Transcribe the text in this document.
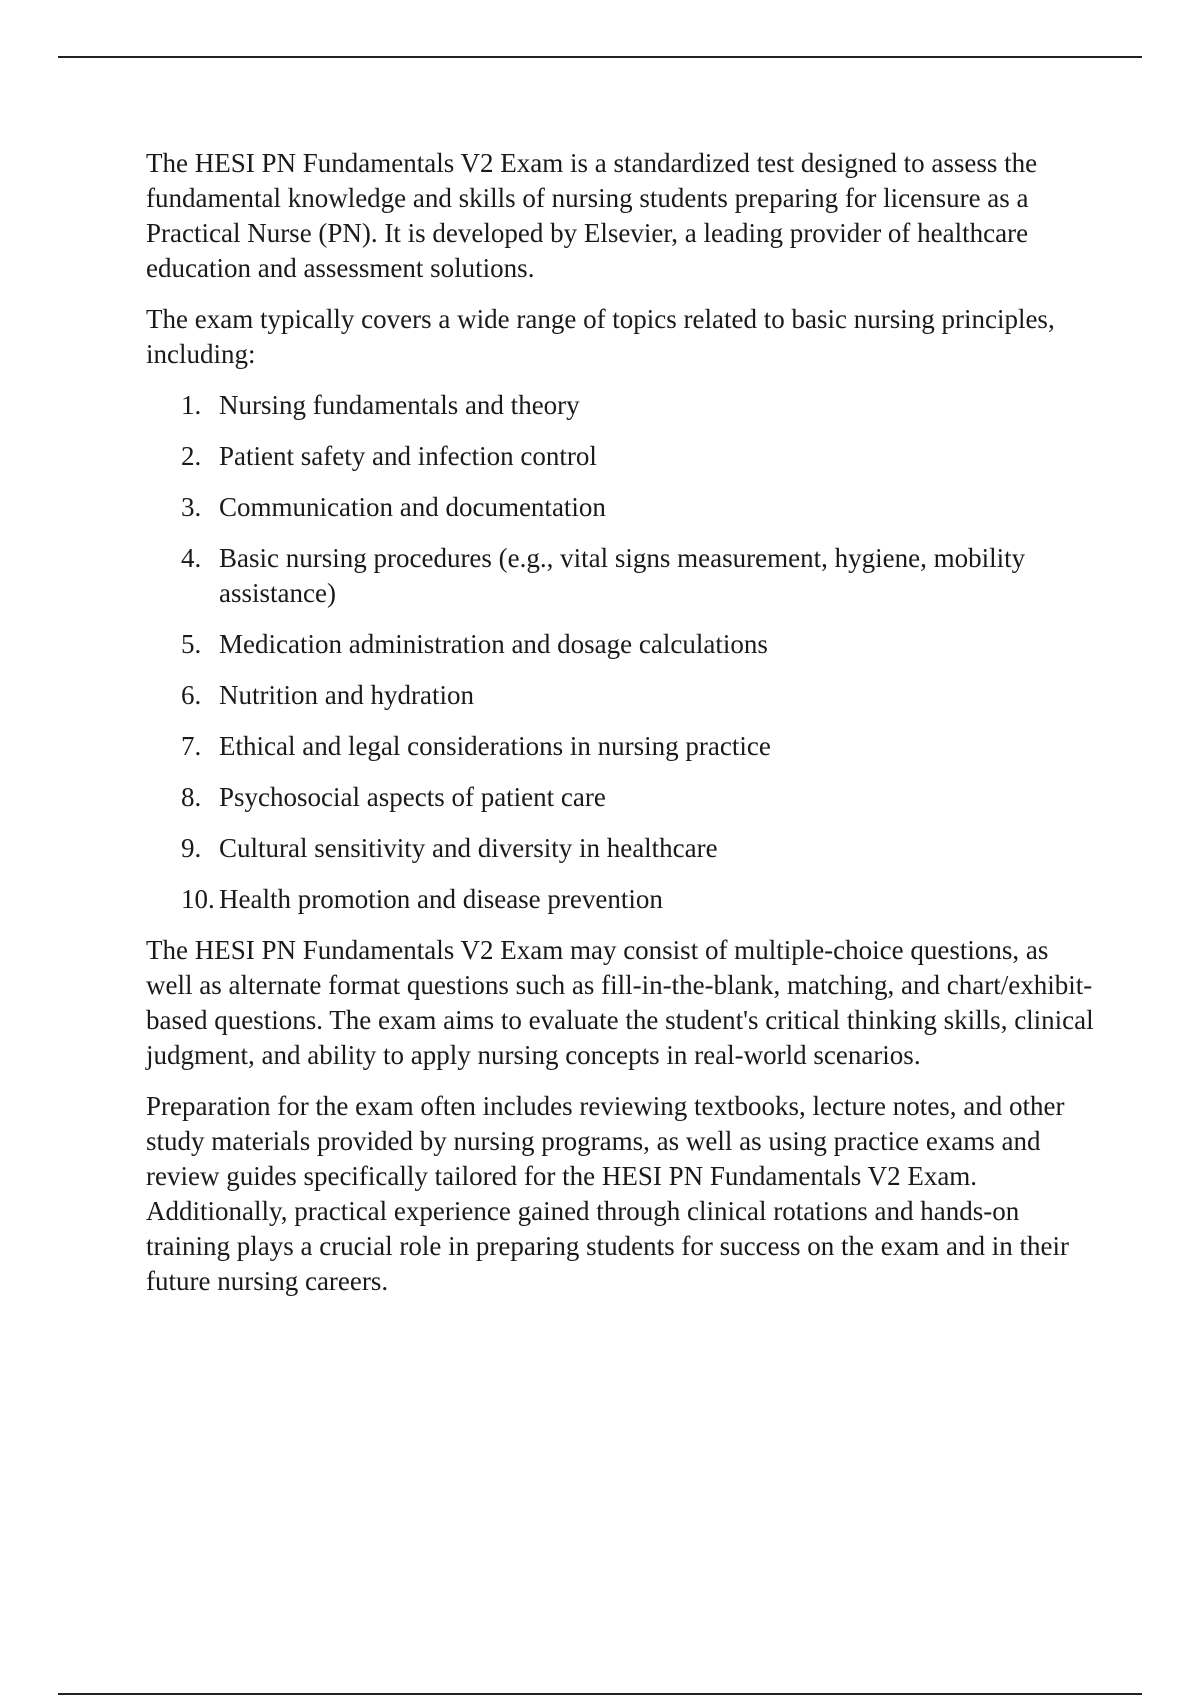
The HESI PN Fundamentals V2 Exam is a standardized test designed to assess the fundamental knowledge and skills of nursing students preparing for licensure as a Practical Nurse (PN). It is developed by Elsevier, a leading provider of healthcare education and assessment solutions.

The exam typically covers a wide range of topics related to basic nursing principles, including:

1. Nursing fundamentals and theory
2. Patient safety and infection control
3. Communication and documentation
4. Basic nursing procedures (e.g., vital signs measurement, hygiene, mobility assistance)
5. Medication administration and dosage calculations
6. Nutrition and hydration
7. Ethical and legal considerations in nursing practice
8. Psychosocial aspects of patient care
9. Cultural sensitivity and diversity in healthcare
10. Health promotion and disease prevention

The HESI PN Fundamentals V2 Exam may consist of multiple-choice questions, as well as alternate format questions such as fill-in-the-blank, matching, and chart/exhibit-based questions. The exam aims to evaluate the student's critical thinking skills, clinical judgment, and ability to apply nursing concepts in real-world scenarios.

Preparation for the exam often includes reviewing textbooks, lecture notes, and other study materials provided by nursing programs, as well as using practice exams and review guides specifically tailored for the HESI PN Fundamentals V2 Exam. Additionally, practical experience gained through clinical rotations and hands-on training plays a crucial role in preparing students for success on the exam and in their future nursing careers.
